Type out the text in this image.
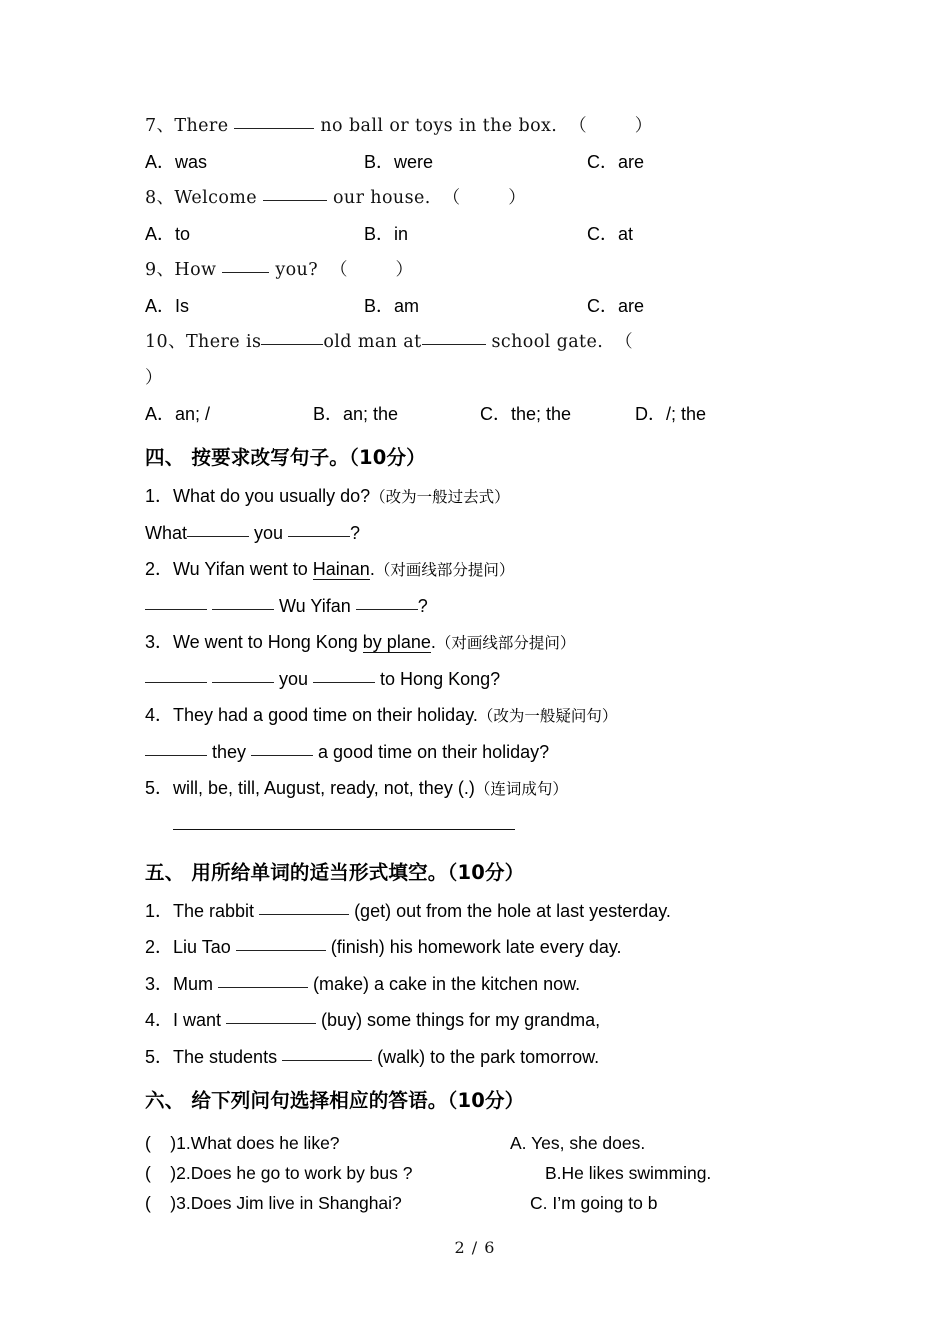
7、There	no ball or toys in the box.  （        ）

A．was

	B．were

	C．are

8、Welcome	our house.  （        ）

A．to

	B．in

	C．at

9、How	you?  （        ）

A．Is

	B．am

	C．are

10、There is	old man at	school gate.  （
）

A．an; /

	B．an; the

	C．the; the

	D．/; the

四、 按要求改写句子。（10分）
1．What do you usually do?（改为一般过去式）
What	you	?
2．Wu Yifan went to Hainan.（对画线部分提问）
Wu Yifan	?
3．We went to Hong Kong by plane.（对画线部分提问）
you	to Hong Kong?
4．They had a good time on their holiday.（改为一般疑问句）
they	a good time on their holiday?
5．will, be, till, August, ready, not, they (.)（连词成句）
五、 用所给单词的适当形式填空。（10分）
1．The rabbit	(get) out from the hole at last yesterday.
2．Liu Tao	(finish) his homework late every day.
3．Mum	(make) a cake in the kitchen now.
4．I want	(buy) some things for my grandma,
5．The students	(walk) to the park tomorrow.
六、 给下列问句选择相应的答语。（10分）

(    )1.What does he like?

	A. Yes, she does.

(    )2.Does he go to work by bus ?

	B.He likes swimming.

(    )3.Does Jim live in Shanghai?

	C. I’m going to b

2 / 6
